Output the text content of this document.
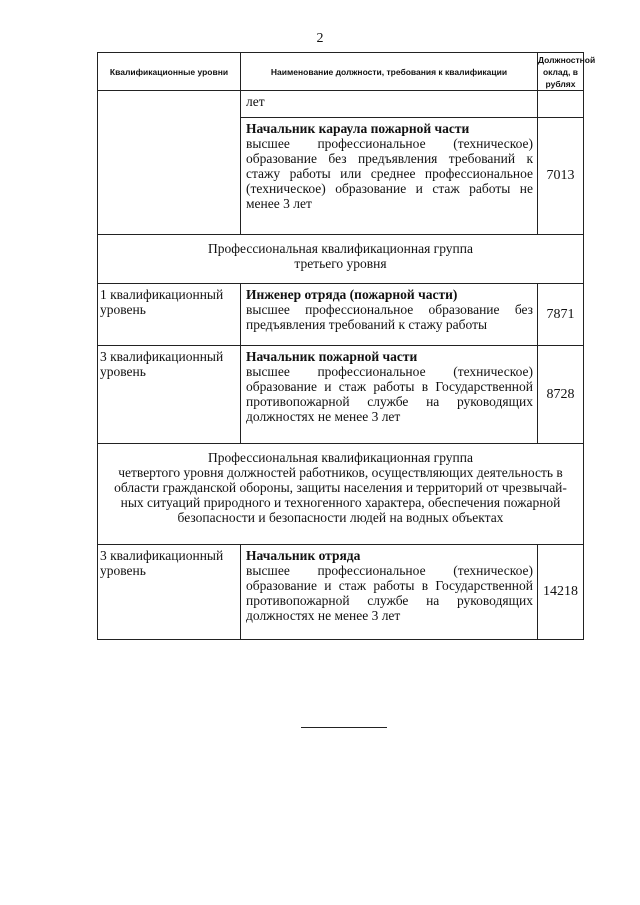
2
Квалификационные уровни	Наименование должности, требования к квалификации	Должностной оклад, в рублях
	лет	

	Начальник караула пожарной части
высшее профессиональное (техническое) образование без предъявления требований к стажу работы или среднее профессиональное (техническое) образование и стаж работы не менее 3 лет	7013

Профессиональная квалификационная группа
третьего уровня		

1 квалификационный уровень	Инженер отряда (пожарной части)
высшее профессиональное образование без предъявления требований к стажу работы	7871
3 квалификационный уровень	Начальник пожарной части
высшее профессиональное (техническое) образование и стаж работы в Государственной противопожарной службе на руководящих должностях не менее 3 лет	8728

Профессиональная квалификационная группа
четвертого уровня должностей работников, осуществляющих деятельность в области гражданской обороны, защиты населения и территорий от чрезвычайных ситуаций природного и техногенного характера, обеспечения пожарной безопасности и безопасности людей на водных объектах		

3 квалификационный уровень	Начальник отряда
высшее профессиональное (техническое) образование и стаж работы в Государственной противопожарной службе на руководящих должностях не менее 3 лет	14218
